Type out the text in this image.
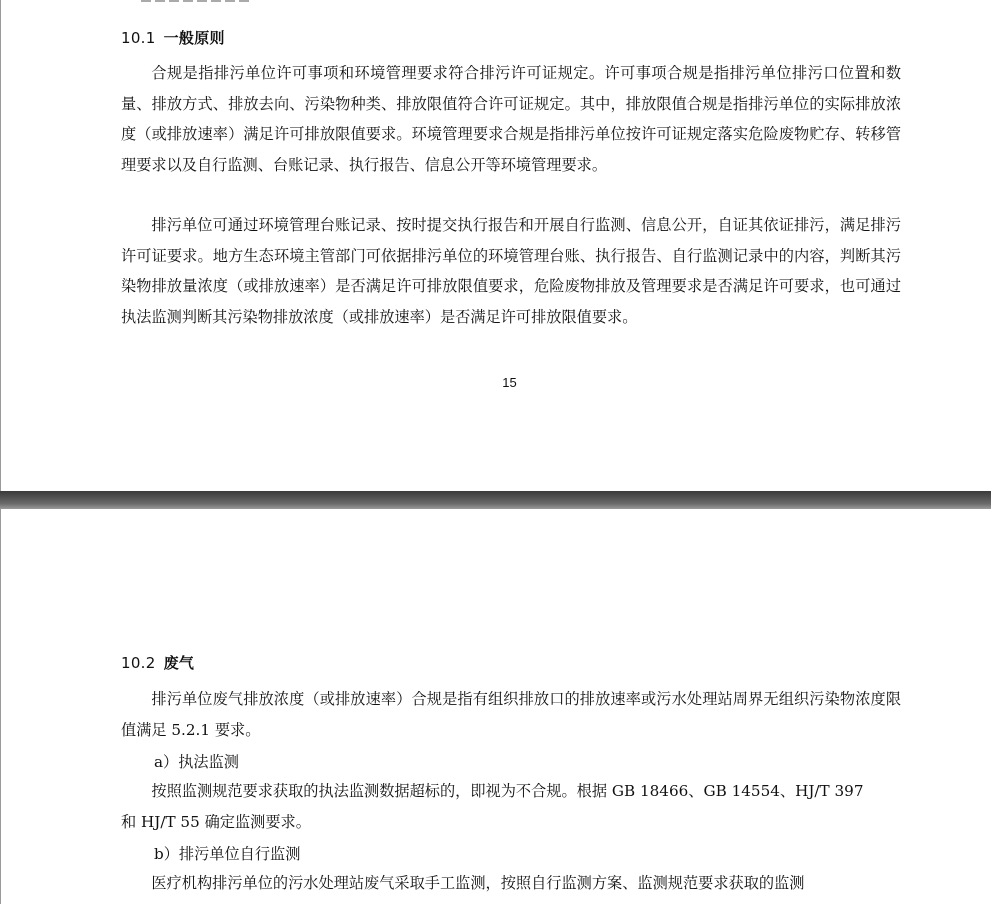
10.1 一般原则

合规是指排污单位许可事项和环境管理要求符合排污许可证规定。许可事项合规是指排污单位排污口位置和数量、排放方式、排放去向、污染物种类、排放限值符合许可证规定。其中，排放限值合规是指排污单位的实际排放浓度（或排放速率）满足许可排放限值要求。环境管理要求合规是指排污单位按许可证规定落实危险废物贮存、转移管理要求以及自行监测、台账记录、执行报告、信息公开等环境管理要求。

排污单位可通过环境管理台账记录、按时提交执行报告和开展自行监测、信息公开，自证其依证排污，满足排污许可证要求。地方生态环境主管部门可依据排污单位的环境管理台账、执行报告、自行监测记录中的内容，判断其污染物排放量浓度（或排放速率）是否满足许可排放限值要求，危险废物排放及管理要求是否满足许可要求，也可通过执法监测判断其污染物排放浓度（或排放速率）是否满足许可排放限值要求。

15

10.2 废气

排污单位废气排放浓度（或排放速率）合规是指有组织排放口的排放速率或污水处理站周界无组织污染物浓度限值满足 5.2.1 要求。

a）执法监测

按照监测规范要求获取的执法监测数据超标的，即视为不合规。根据 GB 18466、GB 14554、HJ/T 397

和 HJ/T 55 确定监测要求。

b）排污单位自行监测

医疗机构排污单位的污水处理站废气采取手工监测，按照自行监测方案、监测规范要求获取的监测
